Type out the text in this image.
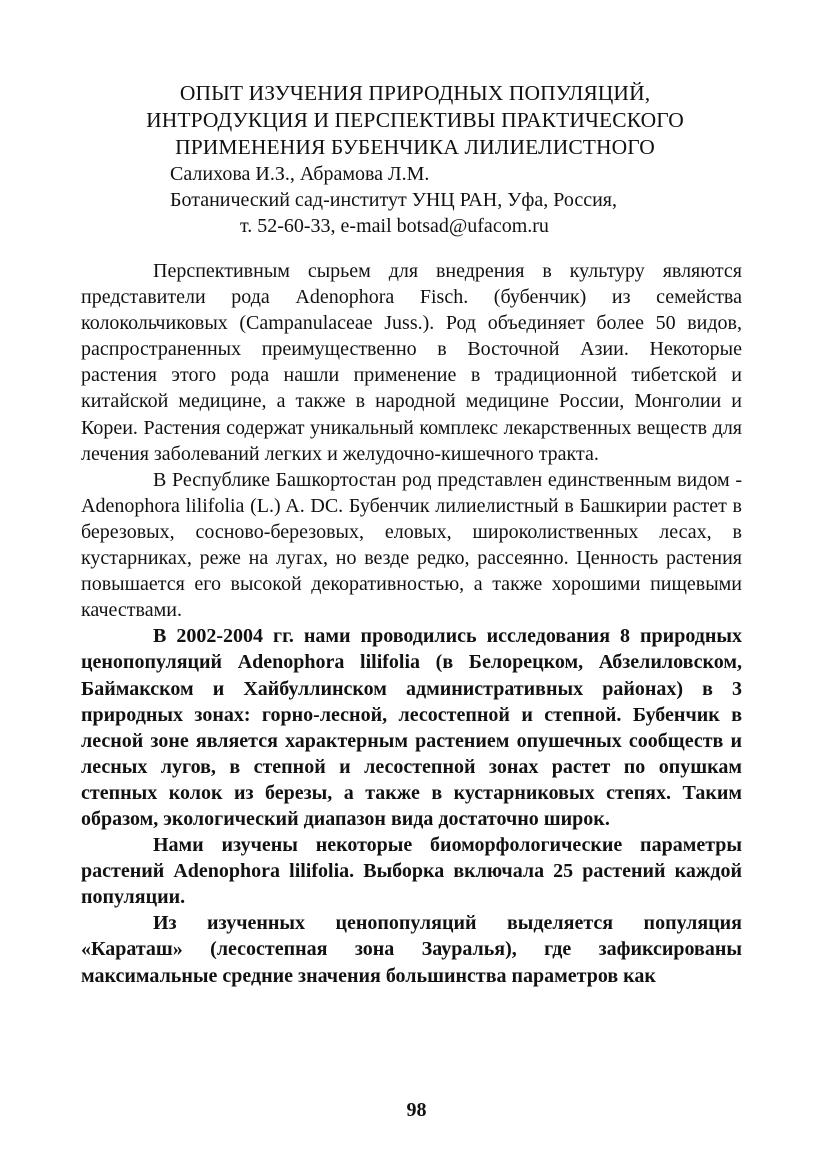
ОПЫТ ИЗУЧЕНИЯ ПРИРОДНЫХ ПОПУЛЯЦИЙ,
ИНТРОДУКЦИЯ И ПЕРСПЕКТИВЫ ПРАКТИЧЕСКОГО
ПРИМЕНЕНИЯ БУБЕНЧИКА ЛИЛИЕЛИСТНОГО
Салихова И.З., Абрамова Л.М.
Ботанический сад-институт УНЦ РАН, Уфа, Россия,
т. 52-60-33, e-mail botsad@ufacom.ru

Перспективным сырьем для внедрения в культуру являются представители рода Adenophora Fisch. (бубенчик) из семейства колокольчиковых (Campanulaceae Juss.). Род объединяет более 50 видов, распространенных преимущественно в Восточной Азии. Некоторые растения этого рода нашли применение в традиционной тибетской и китайской медицине, а также в народной медицине России, Монголии и Кореи. Растения содержат уникальный комплекс лекарственных веществ для лечения заболеваний легких и желудочно-кишечного тракта.

В Республике Башкортостан род представлен единственным видом - Adenophora lilifolia (L.) A. DC. Бубенчик лилиелистный в Башкирии растет в березовых, сосново-березовых, еловых, широколиственных лесах, в кустарниках, реже на лугах, но везде редко, рассеянно. Ценность растения повышается его высокой декоративностью, а также хорошими пищевыми качествами.

В 2002-2004 гг. нами проводились исследования 8 природных ценопопуляций Adenophora lilifolia (в Белорецком, Абзелиловском, Баймакском и Хайбуллинском административных районах) в 3 природных зонах: горно-лесной, лесостепной и степной. Бубенчик в лесной зоне является характерным растением опушечных сообществ и лесных лугов, в степной и лесостепной зонах растет по опушкам степных колок из березы, а также в кустарниковых степях. Таким образом, экологический диапазон вида достаточно широк.

Нами изучены некоторые биоморфологические параметры растений Adenophora lilifolia. Выборка включала 25 растений каждой популяции.

Из изученных ценопопуляций выделяется популяция «Караташ» (лесостепная зона Зауралья), где зафиксированы максимальные средние значения большинства параметров как

98
